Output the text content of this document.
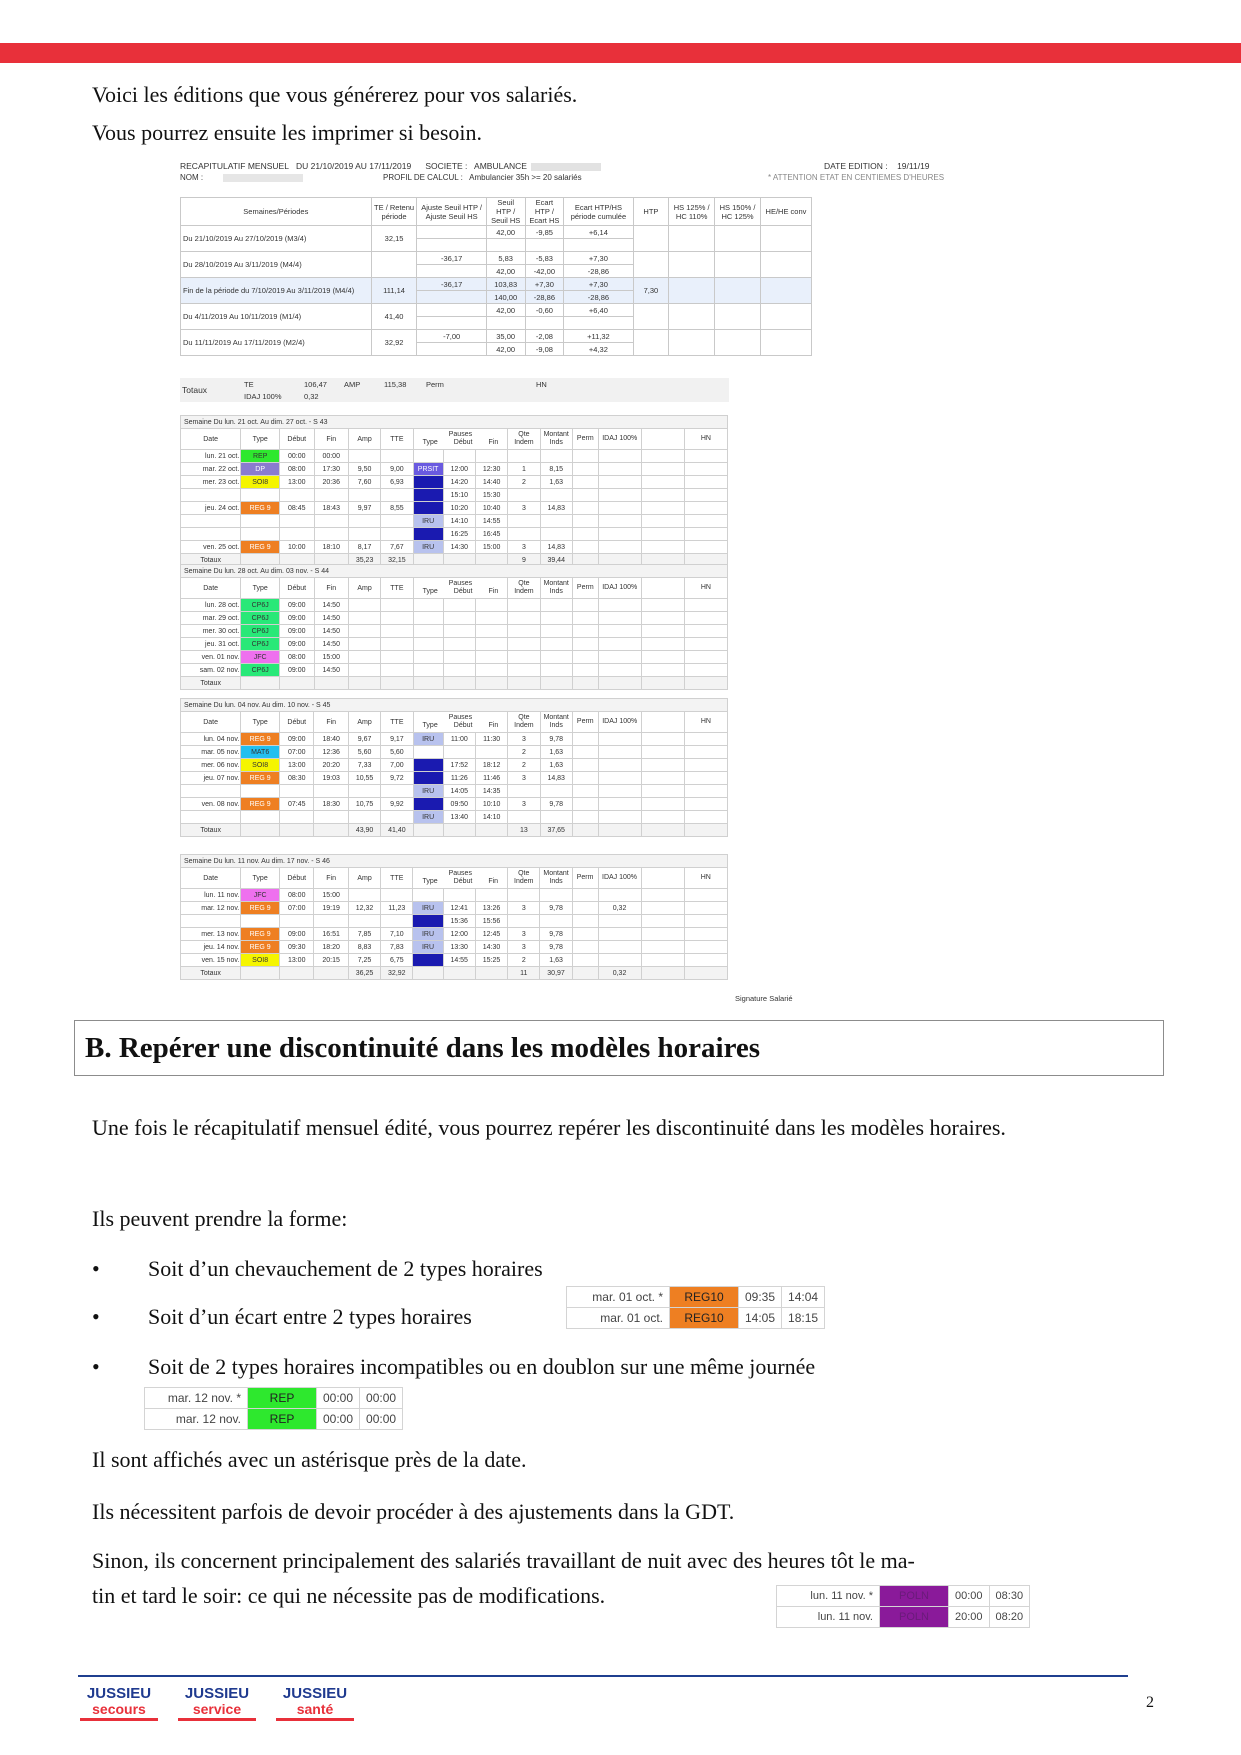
Voici les éditions que vous générerez pour vos salariés.

Vous pourrez ensuite les imprimer si besoin.

RECAPITULATIF MENSUEL DU 21/10/2019 AU 17/11/2019 SOCIETE : AMBULANCE	DATE EDITION : 19/11/19
NOM :	PROFIL DE CALCUL : Ambulancier 35h >= 20 salariés	* ATTENTION ETAT EN CENTIEMES D'HEURES
Semaines/Périodes	TE / Retenu période	Ajuste Seuil HTP / Ajuste Seuil HS	Seuil HTP / Seuil HS	Ecart HTP / Ecart HS	Ecart HTP/HS période cumulée	HTP	HS 125% / HC 110%	HS 150% / HC 125%	HE/HE conv
Du 21/10/2019 Au 27/10/2019 (M3/4)	32,15		42,00	-9,85	+6,14				

Du 28/10/2019 Au 3/11/2019 (M4/4)		-36,17	5,83	-5,83	+7,30				
			42,00	-42,00	-28,86				
Fin de la période du 7/10/2019 Au 3/11/2019 (M4/4)	111,14	-36,17	103,83	+7,30	+7,30	7,30			
			140,00	-28,86	-28,86				
Du 4/11/2019 Au 10/11/2019 (M1/4)	41,40		42,00	-0,60	+6,40				

Du 11/11/2019 Au 17/11/2019 (M2/4)	32,92	-7,00	35,00	-2,08	+11,32				
			42,00	-9,08	+4,32				
Totaux	TE	106,47	AMP	115,38	Perm	HN	
	IDAJ 100%	0,32					
Semaine Du lun. 21 oct. Au dim. 27 oct. - S 43														
Date	Type	Début	Fin	Amp	TTE	Pauses
Type Début Fin			Qte Indem	Montant Inds	Perm	IDAJ 100%		HN
lun. 21 oct.	REP	00:00	00:00											
mar. 22 oct.	DP	08:00	17:30	9,50	9,00	PRSIT	12:00	12:30	1	8,15				
mer. 23 oct.	SOI8	13:00	20:36	7,60	6,93		14:20	14:40	2	1,63				
							15:10	15:30						
jeu. 24 oct.	REG 9	08:45	18:43	9,97	8,55		10:20	10:40	3	14,83				
						IRU	14:10	14:55						
							16:25	16:45						
ven. 25 oct.	REG 9	10:00	18:10	8,17	7,67	IRU	14:30	15:00	3	14,83				
Totaux				35,23	32,15				9	39,44				
Semaine Du lun. 28 oct. Au dim. 03 nov. - S 44														
Date	Type	Début	Fin	Amp	TTE	Pauses
Type Début Fin			Qte Indem	Montant Inds	Perm	IDAJ 100%		HN
lun. 28 oct.	CP6J	09:00	14:50											
mar. 29 oct.	CP6J	09:00	14:50											
mer. 30 oct.	CP6J	09:00	14:50											
jeu. 31 oct.	CP6J	09:00	14:50											
ven. 01 nov.	JFC	08:00	15:00											
sam. 02 nov.	CP6J	09:00	14:50											
Totaux														
Semaine Du lun. 04 nov. Au dim. 10 nov. - S 45														
Date	Type	Début	Fin	Amp	TTE	Pauses
Type Début Fin			Qte Indem	Montant Inds	Perm	IDAJ 100%		HN
lun. 04 nov.	REG 9	09:00	18:40	9,67	9,17	IRU	11:00	11:30	3	9,78				
mar. 05 nov.	MAT6	07:00	12:36	5,60	5,60				2	1,63				
mer. 06 nov.	SOI8	13:00	20:20	7,33	7,00		17:52	18:12	2	1,63				
jeu. 07 nov.	REG 9	08:30	19:03	10,55	9,72		11:26	11:46	3	14,83				
						IRU	14:05	14:35						
ven. 08 nov.	REG 9	07:45	18:30	10,75	9,92		09:50	10:10	3	9,78				
						IRU	13:40	14:10						
Totaux				43,90	41,40				13	37,65				
Semaine Du lun. 11 nov. Au dim. 17 nov. - S 46														
Date	Type	Début	Fin	Amp	TTE	Pauses
Type Début Fin			Qte Indem	Montant Inds	Perm	IDAJ 100%		HN
lun. 11 nov.	JFC	08:00	15:00											
mar. 12 nov.	REG 9	07:00	19:19	12,32	11,23	IRU	12:41	13:26	3	9,78		0,32		
							15:36	15:56						
mer. 13 nov.	REG 9	09:00	16:51	7,85	7,10	IRU	12:00	12:45	3	9,78				
jeu. 14 nov.	REG 9	09:30	18:20	8,83	7,83	IRU	13:30	14:30	3	9,78				
ven. 15 nov.	SOI8	13:00	20:15	7,25	6,75		14:55	15:25	2	1,63				
Totaux				36,25	32,92				11	30,97		0,32		
Signature Salarié
B. Repérer une discontinuité dans les modèles horaires

Une fois le récapitulatif mensuel édité, vous pourrez repérer les discontinuité dans les modèles horaires.

Ils peuvent prendre la forme:

• Soit d’un chevauchement de 2 types horaires
• Soit d’un écart entre 2 types horaires
• Soit de 2 types horaires incompatibles ou en doublon sur une même journée
mar. 01 oct. *	REG10	09:35	14:04
mar. 01 oct.	REG10	14:05	18:15
mar. 12 nov. *	REP	00:00	00:00
mar. 12 nov.	REP	00:00	00:00

Il sont affichés avec un astérisque près de la date.

Ils nécessitent parfois de devoir procéder à des ajustements dans la GDT.

Sinon, ils concernent principalement des salariés travaillant de nuit avec des heures tôt le ma-

tin et tard le soir: ce qui ne nécessite pas de modifications.	lun. 11 nov. *	POLN	00:00	08:30
lun. 11 nov.	POLN	20:00	08:20
JUSSIEU
secours
JUSSIEU
service
JUSSIEU
santé	2
